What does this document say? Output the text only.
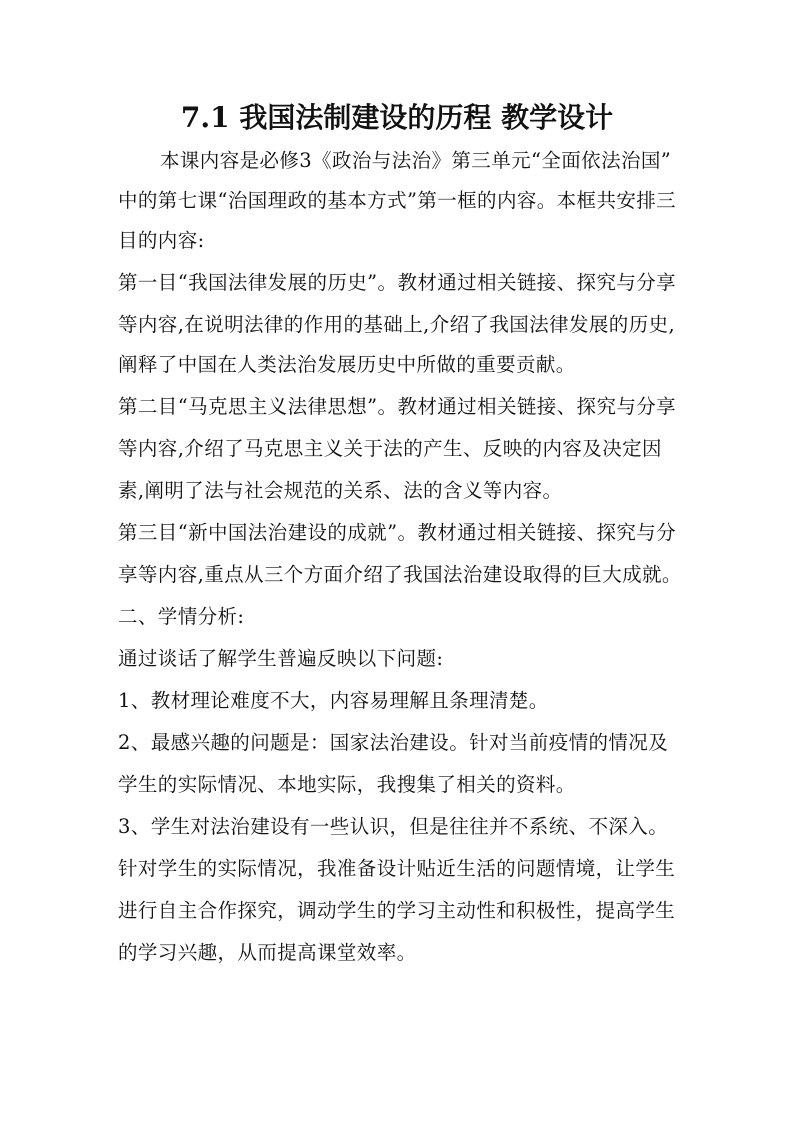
7.1 我国法制建设的历程 教学设计
本课内容是必修3《政治与法治》第三单元“全面依法治国”
中的第七课“治国理政的基本方式”第一框的内容。本框共安排三
目的内容:
第一目“我国法律发展的历史”。教材通过相关链接、探究与分享
等内容,在说明法律的作用的基础上,介绍了我国法律发展的历史,
阐释了中国在人类法治发展历史中所做的重要贡献。
第二目“马克思主义法律思想”。教材通过相关链接、探究与分享
等内容,介绍了马克思主义关于法的产生、反映的内容及决定因
素,阐明了法与社会规范的关系、法的含义等内容。
第三目“新中国法治建设的成就”。教材通过相关链接、探究与分
享等内容,重点从三个方面介绍了我国法治建设取得的巨大成就。
二、学情分析:
通过谈话了解学生普遍反映以下问题:
1、教材理论难度不大，内容易理解且条理清楚。
2、最感兴趣的问题是：国家法治建设。针对当前疫情的情况及
学生的实际情况、本地实际，我搜集了相关的资料。
3、学生对法治建设有一些认识，但是往往并不系统、不深入。
针对学生的实际情况，我准备设计贴近生活的问题情境，让学生
进行自主合作探究，调动学生的学习主动性和积极性，提高学生
的学习兴趣，从而提高课堂效率。
